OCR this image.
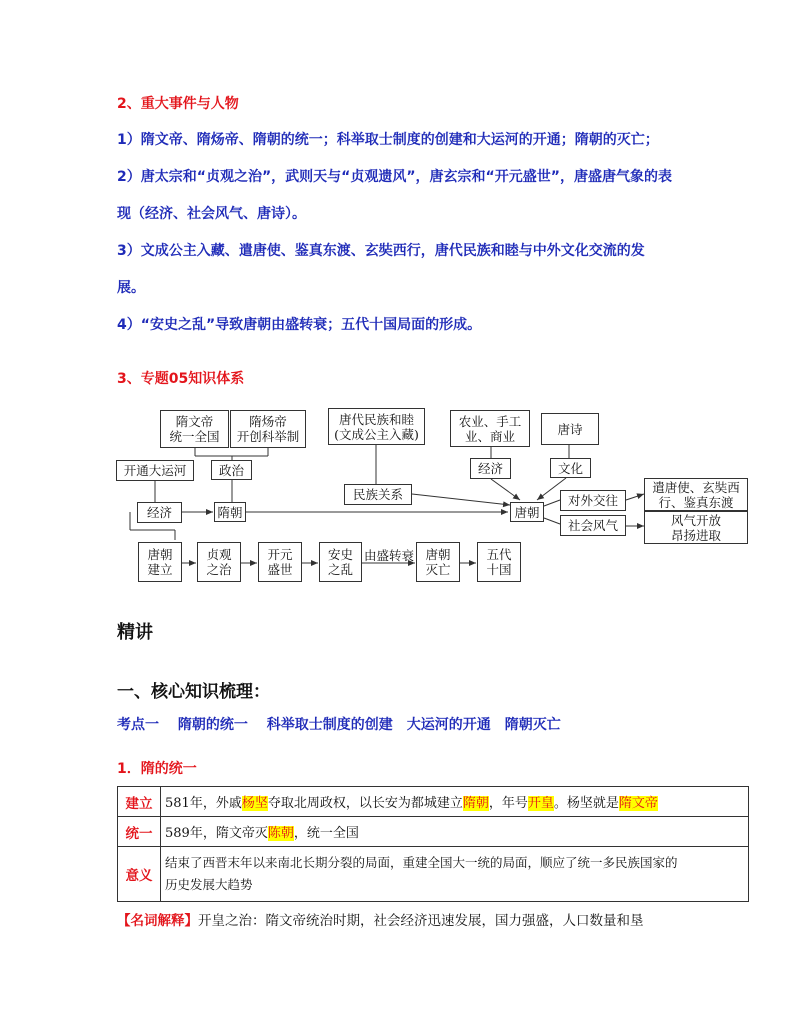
2、重大事件与人物
1）隋文帝、隋炀帝、隋朝的统一；科举取士制度的创建和大运河的开通；隋朝的灭亡；
2）唐太宗和“贞观之治”，武则天与“贞观遗风”，唐玄宗和“开元盛世”，唐盛唐气象的表
现（经济、社会风气、唐诗）。
3）文成公主入藏、遣唐使、鉴真东渡、玄奘西行，唐代民族和睦与中外文化交流的发
展。
4）“安史之乱”导致唐朝由盛转衰；五代十国局面的形成。
3、专题05知识体系
隋文帝
统一全国
隋炀帝
开创科举制
唐代民族和睦
(文成公主入藏)
农业、手工
业、商业	唐诗
开通大运河	政治	经济	文化
民族关系
经济	隋朝	唐朝
对外交往
社会风气
遣唐使、玄奘西
行、鉴真东渡
风气开放
昂扬进取
唐朝
建立
贞观
之治
开元
盛世
安史
之乱
由盛转衰 唐朝
灭亡
五代
十国
精讲
一、核心知识梳理：
考点一　 隋朝的统一　 科举取士制度的创建　大运河的开通　隋朝灭亡
1．隋的统一
建立	581年，外戚杨坚夺取北周政权，以长安为都城建立隋朝，年号开皇。杨坚就是隋文帝
统一	589年，隋文帝灭陈朝，统一全国
意义	结束了西晋末年以来南北长期分裂的局面，重建全国大一统的局面，顺应了统一多民族国家的
历史发展大趋势
【名词解释】开皇之治：隋文帝统治时期，社会经济迅速发展，国力强盛，人口数量和垦
